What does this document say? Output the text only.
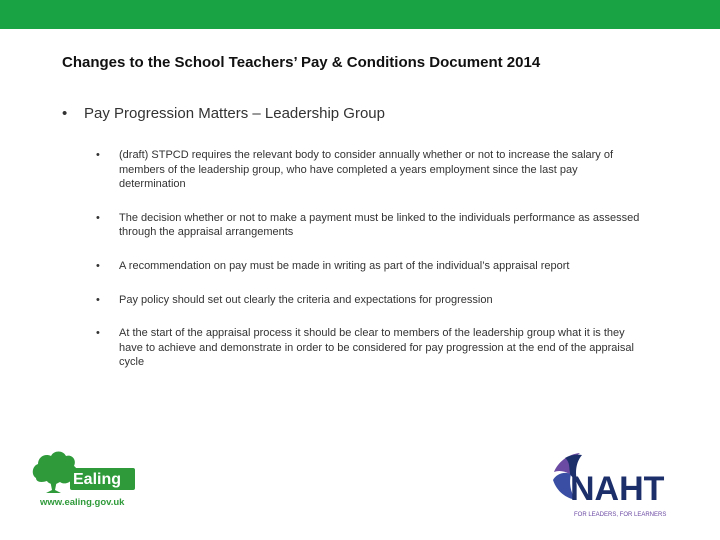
Changes to the School Teachers’ Pay & Conditions Document 2014
• Pay Progression Matters – Leadership Group
• (draft) STPCD requires the relevant body to consider annually whether or not to increase the salary of members of the leadership group, who have completed a years employment since the last pay determination
• The decision whether or not to make a payment must be linked to the individuals performance as assessed through the appraisal arrangements
• A recommendation on pay must be made in writing as part of the individual’s appraisal report
• Pay policy should set out clearly the criteria and expectations for progression
• At the start of the appraisal process it should be clear to members of the leadership group what it is they have to achieve and demonstrate in order to be considered for pay progression at the end of the appraisal cycle
Ealing
www.ealing.gov.uk	NAHT
FOR LEADERS, FOR LEARNERS
